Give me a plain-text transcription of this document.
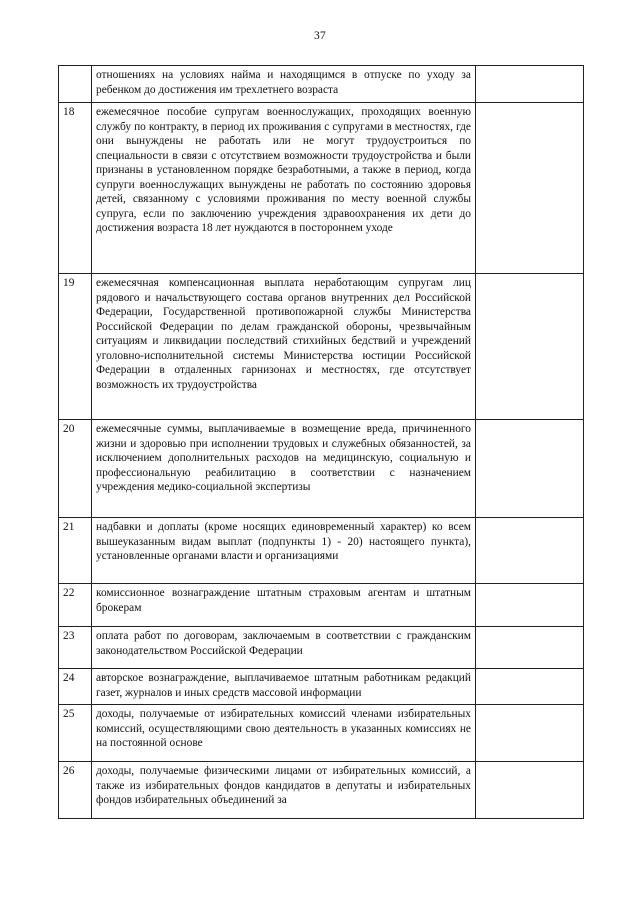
37
	отношениях на условиях найма и находящимся в отпуске по уходу за ребенком до достижения им трехлетнего возраста	
18	ежемесячное пособие супругам военнослужащих, проходящих военную службу по контракту, в период их проживания с супругами в местностях, где они вынуждены не работать или не могут трудоустроиться по специальности в связи с отсутствием возможности трудоустройства и были признаны в установленном порядке безработными, а также в период, когда супруги военнослужащих вынуждены не работать по состоянию здоровья детей, связанному с условиями проживания по месту военной службы супруга, если по заключению учреждения здравоохранения их дети до достижения возраста 18 лет нуждаются в постороннем уходе	
19	ежемесячная компенсационная выплата неработающим супругам лиц рядового и начальствующего состава органов внутренних дел Российской Федерации, Государственной противопожарной службы Министерства Российской Федерации по делам гражданской обороны, чрезвычайным ситуациям и ликвидации последствий стихийных бедствий и учреждений уголовно-исполнительной системы Министерства юстиции Российской Федерации в отдаленных гарнизонах и местностях, где отсутствует возможность их трудоустройства	
20	ежемесячные суммы, выплачиваемые в возмещение вреда, причиненного жизни и здоровью при исполнении трудовых и служебных обязанностей, за исключением дополнительных расходов на медицинскую, социальную и профессиональную реабилитацию в соответствии с назначением учреждения медико-социальной экспертизы	
21	надбавки и доплаты (кроме носящих единовременный характер) ко всем вышеуказанным видам выплат (подпункты 1) - 20) настоящего пункта), установленные органами власти и организациями	
22	комиссионное вознаграждение штатным страховым агентам и штатным брокерам	
23	оплата работ по договорам, заключаемым в соответствии с гражданским законодательством Российской Федерации	
24	авторское вознаграждение, выплачиваемое штатным работникам редакций газет, журналов и иных средств массовой информации	
25	доходы, получаемые от избирательных комиссий членами избирательных комиссий, осуществляющими свою деятельность в указанных комиссиях не на постоянной основе	
26	доходы, получаемые физическими лицами от избирательных комиссий, а также из избирательных фондов кандидатов в депутаты и избирательных фондов избирательных объединений за	
